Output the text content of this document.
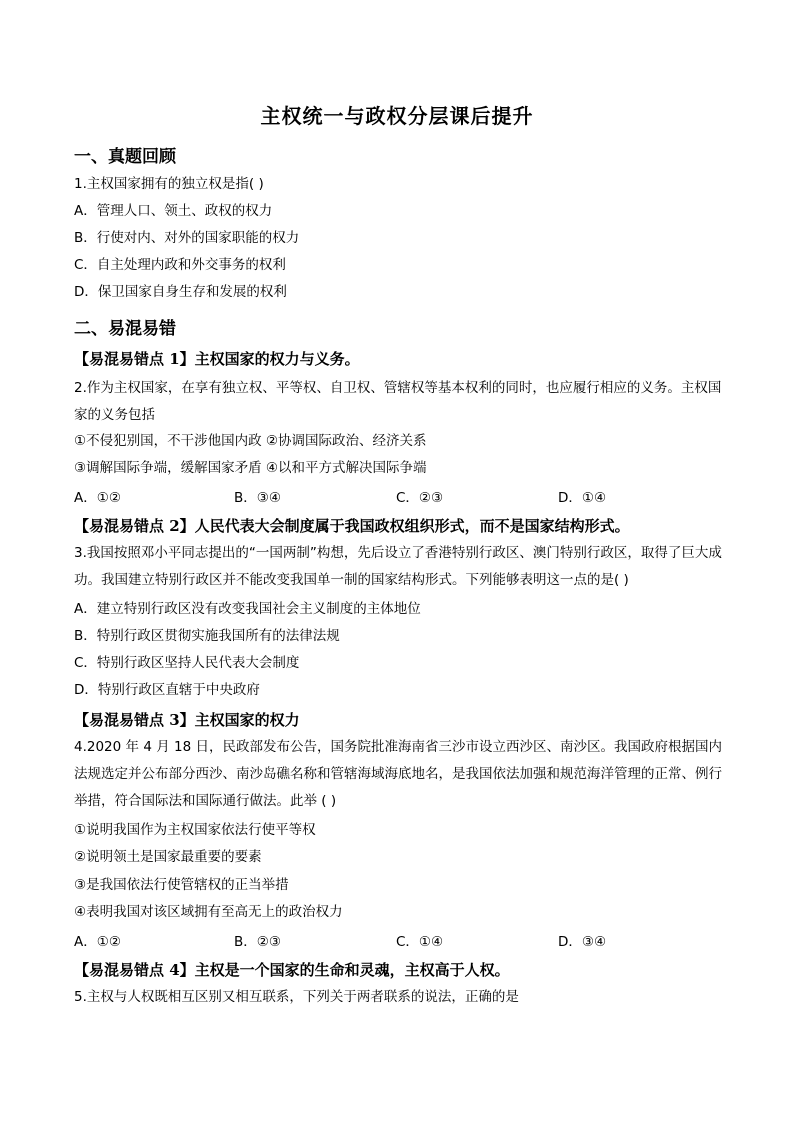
主权统一与政权分层课后提升
一、真题回顾
1.主权国家拥有的独立权是指( )
A．管理人口、领土、政权的权力
B．行使对内、对外的国家职能的权力
C．自主处理内政和外交事务的权利
D．保卫国家自身生存和发展的权利
二、易混易错
【易混易错点 1】主权国家的权力与义务。
2.作为主权国家，在享有独立权、平等权、自卫权、管辖权等基本权利的同时，也应履行相应的义务。主权国家的义务包括
①不侵犯别国，不干涉他国内政 ②协调国际政治、经济关系
③调解国际争端，缓解国家矛盾 ④以和平方式解决国际争端
A．①②	B．③④	C．②③	D．①④
【易混易错点 2】人民代表大会制度属于我国政权组织形式，而不是国家结构形式。
3.我国按照邓小平同志提出的“一国两制”构想，先后设立了香港特别行政区、澳门特别行政区，取得了巨大成功。我国建立特别行政区并不能改变我国单一制的国家结构形式。下列能够表明这一点的是( )
A．建立特别行政区没有改变我国社会主义制度的主体地位
B．特别行政区贯彻实施我国所有的法律法规
C．特别行政区坚持人民代表大会制度
D．特别行政区直辖于中央政府
【易混易错点 3】主权国家的权力
4.2020 年 4 月 18 日，民政部发布公告，国务院批准海南省三沙市设立西沙区、南沙区。我国政府根据国内法规选定并公布部分西沙、南沙岛礁名称和管辖海域海底地名，是我国依法加强和规范海洋管理的正常、例行举措，符合国际法和国际通行做法。此举 ( )
①说明我国作为主权国家依法行使平等权
②说明领土是国家最重要的要素
③是我国依法行使管辖权的正当举措
④表明我国对该区域拥有至高无上的政治权力
A．①②	B．②③	C．①④	D．③④
【易混易错点 4】主权是一个国家的生命和灵魂，主权高于人权。
5.主权与人权既相互区别又相互联系，下列关于两者联系的说法，正确的是
